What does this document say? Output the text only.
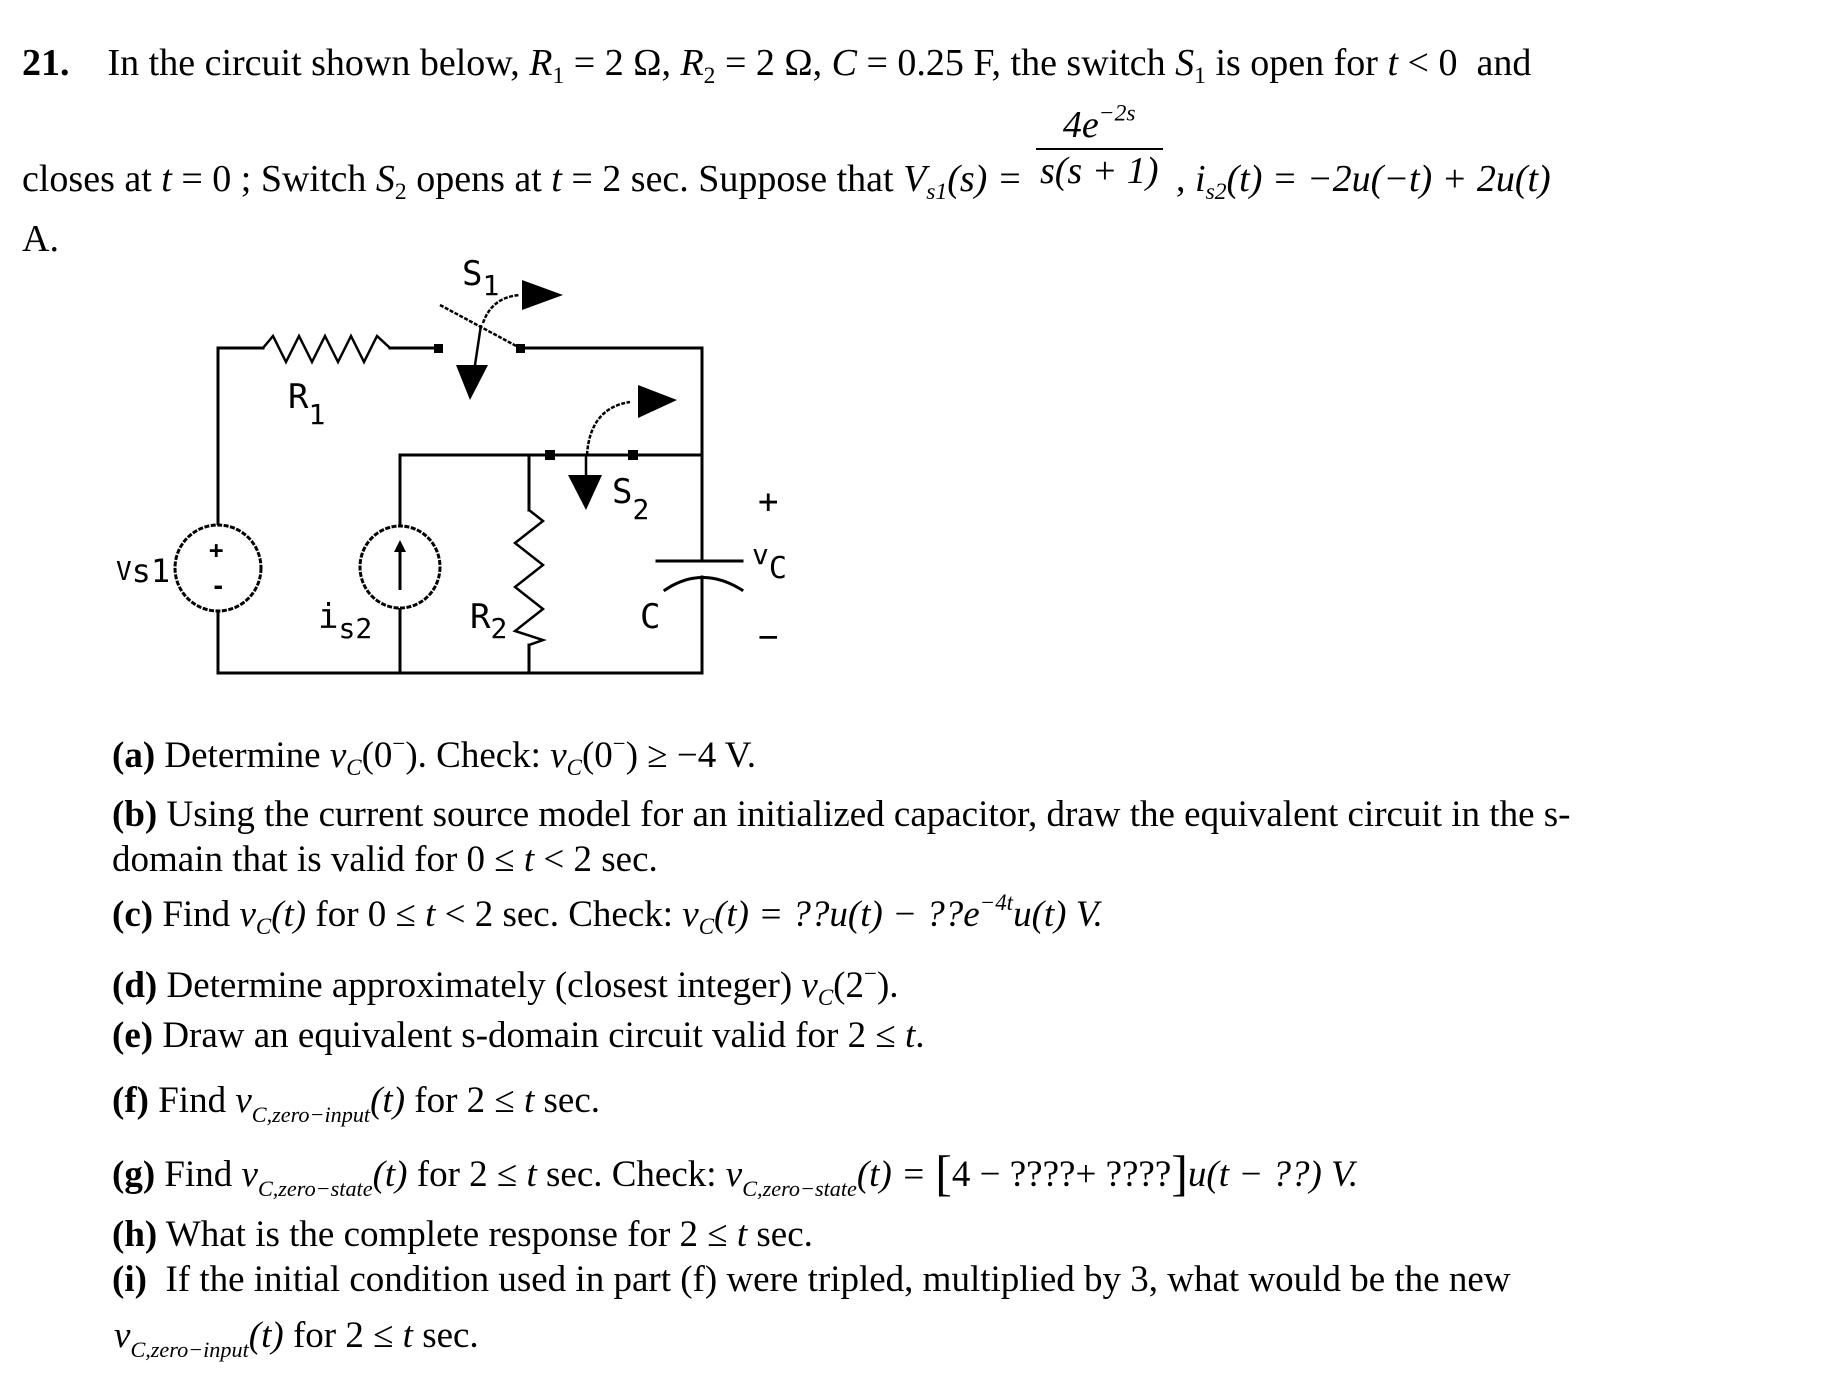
21. In the circuit shown below, $R_1 = 2$ Ω, $R_2 = 2$ Ω, C = 0.25 F, the switch $S_1$ is open for t < 0 and
closes at t = 0 ; Switch $S_2$ opens at t = 2 sec. Suppose that $V_{s1}(s) = \frac{4e^{-2s}}{s(s + 1)}$ , $i_{s2}(t) = -2u(-t) + 2u(t)$
A.
$S_1$
$R_1$
$S_2$
Vs1
$i_{s2}$	$R_2$	C
+
vC
−
+
-
(a) Determine $v_C(0^-)$. Check: $v_C(0^-) \ge -4$ V.
(b) Using the current source model for an initialized capacitor, draw the equivalent circuit in the s-
domain that is valid for 0 ≤ t < 2 sec.
(c) Find $v_C(t)$ for 0 ≤ t < 2 sec. Check: $v_C(t)$ = ??u(t) − $??e^{-4t}u(t)$ V.
(d) Determine approximately (closest integer) $v_C(2^-)$.
(e) Draw an equivalent s-domain circuit valid for 2 ≤ t.
(f) Find $v_{C,zero-input}(t)$ for 2 ≤ t sec.
(g) Find $v_{C,zero-state}(t)$ for 2 ≤ t sec. Check: $v_{C,zero-state}(t) = [4$ − ????+ ????]u(t − ??) V.
(h) What is the complete response for 2 ≤ t sec.
(i) If the initial condition used in part (f) were tripled, multiplied by 3, what would be the new
$v_{C,zero-input}(t)$ for 2 ≤ t sec.
